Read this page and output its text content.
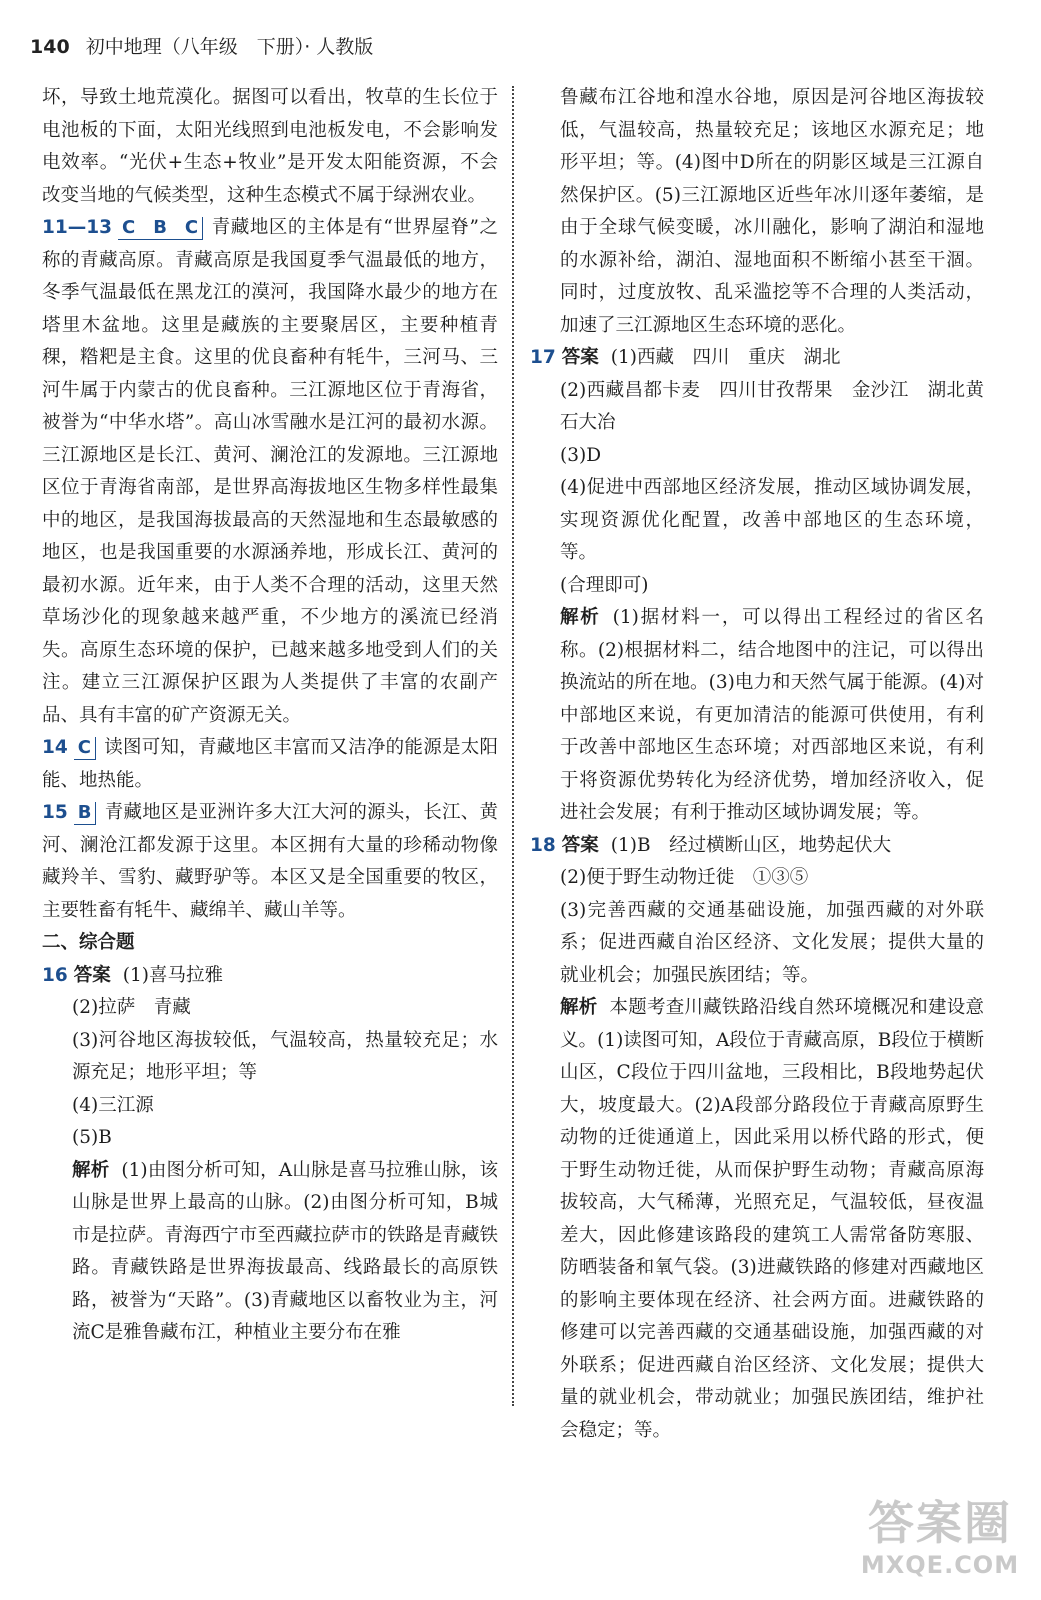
140 初中地理（八年级　下册）· 人教版

坏，导致土地荒漠化。据图可以看出，牧草的生长位于电池板的下面，太阳光线照到电池板发电，不会影响发电效率。“光伏+生态+牧业”是开发太阳能资源，不会改变当地的气候类型，这种生态模式不属于绿洲农业。

11—13 C　B　C 青藏地区的主体是有“世界屋脊”之称的青藏高原。青藏高原是我国夏季气温最低的地方，冬季气温最低在黑龙江的漠河，我国降水最少的地方在塔里木盆地。这里是藏族的主要聚居区，主要种植青稞，糌粑是主食。这里的优良畜种有牦牛，三河马、三河牛属于内蒙古的优良畜种。三江源地区位于青海省，被誉为“中华水塔”。高山冰雪融水是江河的最初水源。三江源地区是长江、黄河、澜沧江的发源地。三江源地区位于青海省南部，是世界高海拔地区生物多样性最集中的地区，是我国海拔最高的天然湿地和生态最敏感的地区，也是我国重要的水源涵养地，形成长江、黄河的最初水源。近年来，由于人类不合理的活动，这里天然草场沙化的现象越来越严重，不少地方的溪流已经消失。高原生态环境的保护，已越来越多地受到人们的关注。建立三江源保护区跟为人类提供了丰富的农副产品、具有丰富的矿产资源无关。

14 C 读图可知，青藏地区丰富而又洁净的能源是太阳能、地热能。

15 B 青藏地区是亚洲许多大江大河的源头，长江、黄河、澜沧江都发源于这里。本区拥有大量的珍稀动物像藏羚羊、雪豹、藏野驴等。本区又是全国重要的牧区，主要牲畜有牦牛、藏绵羊、藏山羊等。

二、综合题

16 答案 (1)喜马拉雅

(2)拉萨　青藏

(3)河谷地区海拔较低，气温较高，热量较充足；水源充足；地形平坦；等

(4)三江源

(5)B

解析 (1)由图分析可知，A山脉是喜马拉雅山脉，该山脉是世界上最高的山脉。(2)由图分析可知，B城市是拉萨。青海西宁市至西藏拉萨市的铁路是青藏铁路。青藏铁路是世界海拔最高、线路最长的高原铁路，被誉为“天路”。(3)青藏地区以畜牧业为主，河流C是雅鲁藏布江，种植业主要分布在雅

鲁藏布江谷地和湟水谷地，原因是河谷地区海拔较低，气温较高，热量较充足；该地区水源充足；地形平坦；等。(4)图中D所在的阴影区域是三江源自然保护区。(5)三江源地区近些年冰川逐年萎缩，是由于全球气候变暖，冰川融化，影响了湖泊和湿地的水源补给，湖泊、湿地面积不断缩小甚至干涸。同时，过度放牧、乱采滥挖等不合理的人类活动，加速了三江源地区生态环境的恶化。

17 答案 (1)西藏　四川　重庆　湖北

(2)西藏昌都卡麦　四川甘孜帮果　金沙江　湖北黄石大冶

(3)D

(4)促进中西部地区经济发展，推动区域协调发展，实现资源优化配置，改善中部地区的生态环境，等。

(合理即可)

解析 (1)据材料一，可以得出工程经过的省区名称。(2)根据材料二，结合地图中的注记，可以得出换流站的所在地。(3)电力和天然气属于能源。(4)对中部地区来说，有更加清洁的能源可供使用，有利于改善中部地区生态环境；对西部地区来说，有利于将资源优势转化为经济优势，增加经济收入，促进社会发展；有利于推动区域协调发展；等。

18 答案 (1)B　经过横断山区，地势起伏大

(2)便于野生动物迁徙　①③⑤

(3)完善西藏的交通基础设施，加强西藏的对外联系；促进西藏自治区经济、文化发展；提供大量的就业机会；加强民族团结；等。

解析 本题考查川藏铁路沿线自然环境概况和建设意义。(1)读图可知，A段位于青藏高原，B段位于横断山区，C段位于四川盆地，三段相比，B段地势起伏大，坡度最大。(2)A段部分路段位于青藏高原野生动物的迁徙通道上，因此采用以桥代路的形式，便于野生动物迁徙，从而保护野生动物；青藏高原海拔较高，大气稀薄，光照充足，气温较低，昼夜温差大，因此修建该路段的建筑工人需常备防寒服、防晒装备和氧气袋。(3)进藏铁路的修建对西藏地区的影响主要体现在经济、社会两方面。进藏铁路的修建可以完善西藏的交通基础设施，加强西藏的对外联系；促进西藏自治区经济、文化发展；提供大量的就业机会，带动就业；加强民族团结，维护社会稳定；等。

答案圈
MXQE.COM
